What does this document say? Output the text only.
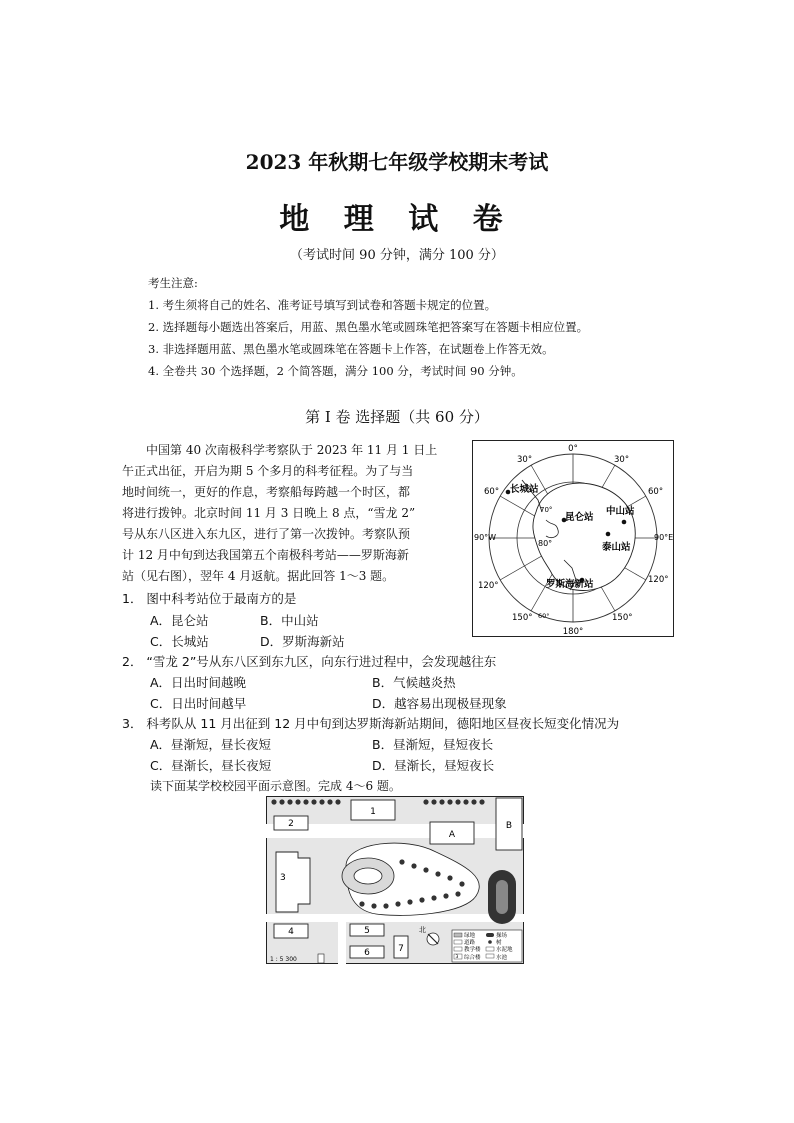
2023 年秋期七年级学校期末考试
地 理 试 卷
（考试时间 90 分钟，满分 100 分）
考生注意:
1. 考生须将自己的姓名、准考证号填写到试卷和答题卡规定的位置。
2. 选择题每小题选出答案后，用蓝、黑色墨水笔或圆珠笔把答案写在答题卡相应位置。
3. 非选择题用蓝、黑色墨水笔或圆珠笔在答题卡上作答，在试题卷上作答无效。
4. 全卷共 30 个选择题，2 个简答题，满分 100 分，考试时间 90 分钟。
第 I 卷 选择题（共 60 分）
中国第 40 次南极科学考察队于 2023 年 11 月 1 日上
午正式出征，开启为期 5 个多月的科考征程。为了与当
地时间统一，更好的作息，考察船每跨越一个时区，都
将进行拨钟。北京时间 11 月 3 日晚上 8 点，“雪龙 2”
号从东八区进入东九区，进行了第一次拨钟。考察队预
计 12 月中旬到达我国第五个南极科考站——罗斯海新
站（见右图），翌年 4 月返航。据此回答 1～3 题。
0°
180°
90°W	90°E
30°	30°
60°	60°
120°
120°
150°	150°
60°
70°
80°
长城站
昆仑站
中山站
泰山站
罗斯海新站
1． 图中科考站位于最南方的是
A．昆仑站	B．中山站
C．长城站	D．罗斯海新站
2． “雪龙 2”号从东八区到东九区，向东行进过程中，会发现越往东
A．日出时间越晚	B．气候越炎热
C．日出时间越早	D．越容易出现极昼现象
3． 科考队从 11 月出征到 12 月中旬到达罗斯海新站期间，德阳地区昼夜长短变化情况为
A．昼渐短，昼长夜短	B．昼渐短，昼短夜长
C．昼渐长，昼长夜短	D．昼渐长，昼短夜长
读下面某学校校园平面示意图。完成 4～6 题。
1
2
3
4	5
6	7
A
B
北
绿地	操场
道路	树
教学楼	水泥地
3 综合楼	水池
1 : 5 300
